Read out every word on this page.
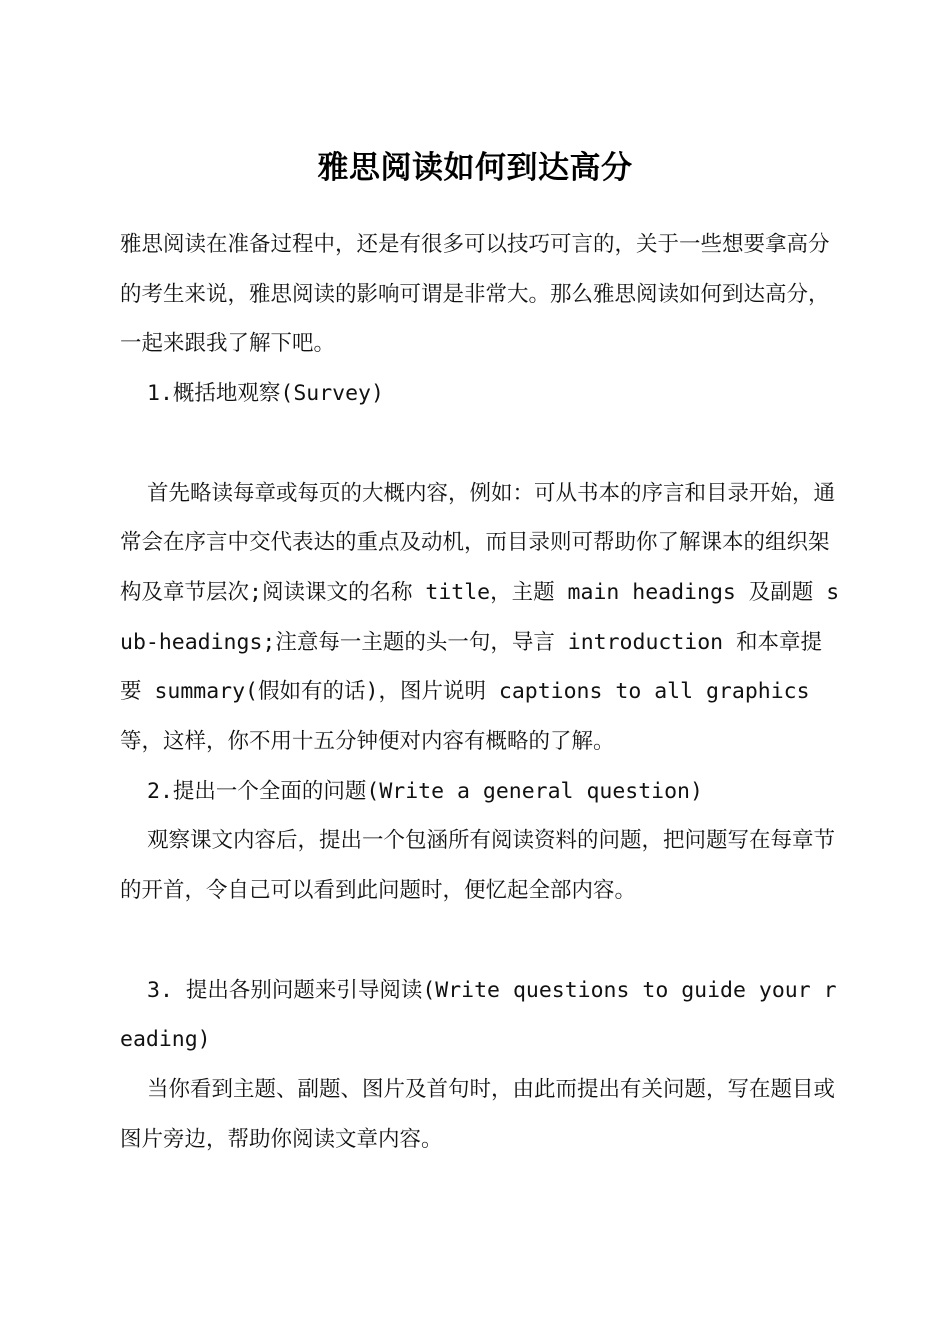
雅思阅读如何到达高分

雅思阅读在准备过程中，还是有很多可以技巧可言的，关于一些想要拿高分的考生来说，雅思阅读的影响可谓是非常大。那么雅思阅读如何到达高分，一起来跟我了解下吧。

1.概括地观察(Survey)

首先略读每章或每页的大概内容，例如：可从书本的序言和目录开始，通常会在序言中交代表达的重点及动机，而目录则可帮助你了解课本的组织架构及章节层次;阅读课文的名称 title，主题 main headings 及副题 sub-headings;注意每一主题的头一句，导言 introduction 和本章提要 summary(假如有的话)，图片说明 captions to all graphics 等，这样，你不用十五分钟便对内容有概略的了解。

2.提出一个全面的问题(Write a general question)

观察课文内容后，提出一个包涵所有阅读资料的问题，把问题写在每章节的开首，令自己可以看到此问题时，便忆起全部内容。

3. 提出各别问题来引导阅读(Write questions to guide your reading)

当你看到主题、副题、图片及首句时，由此而提出有关问题，写在题目或图片旁边，帮助你阅读文章内容。
